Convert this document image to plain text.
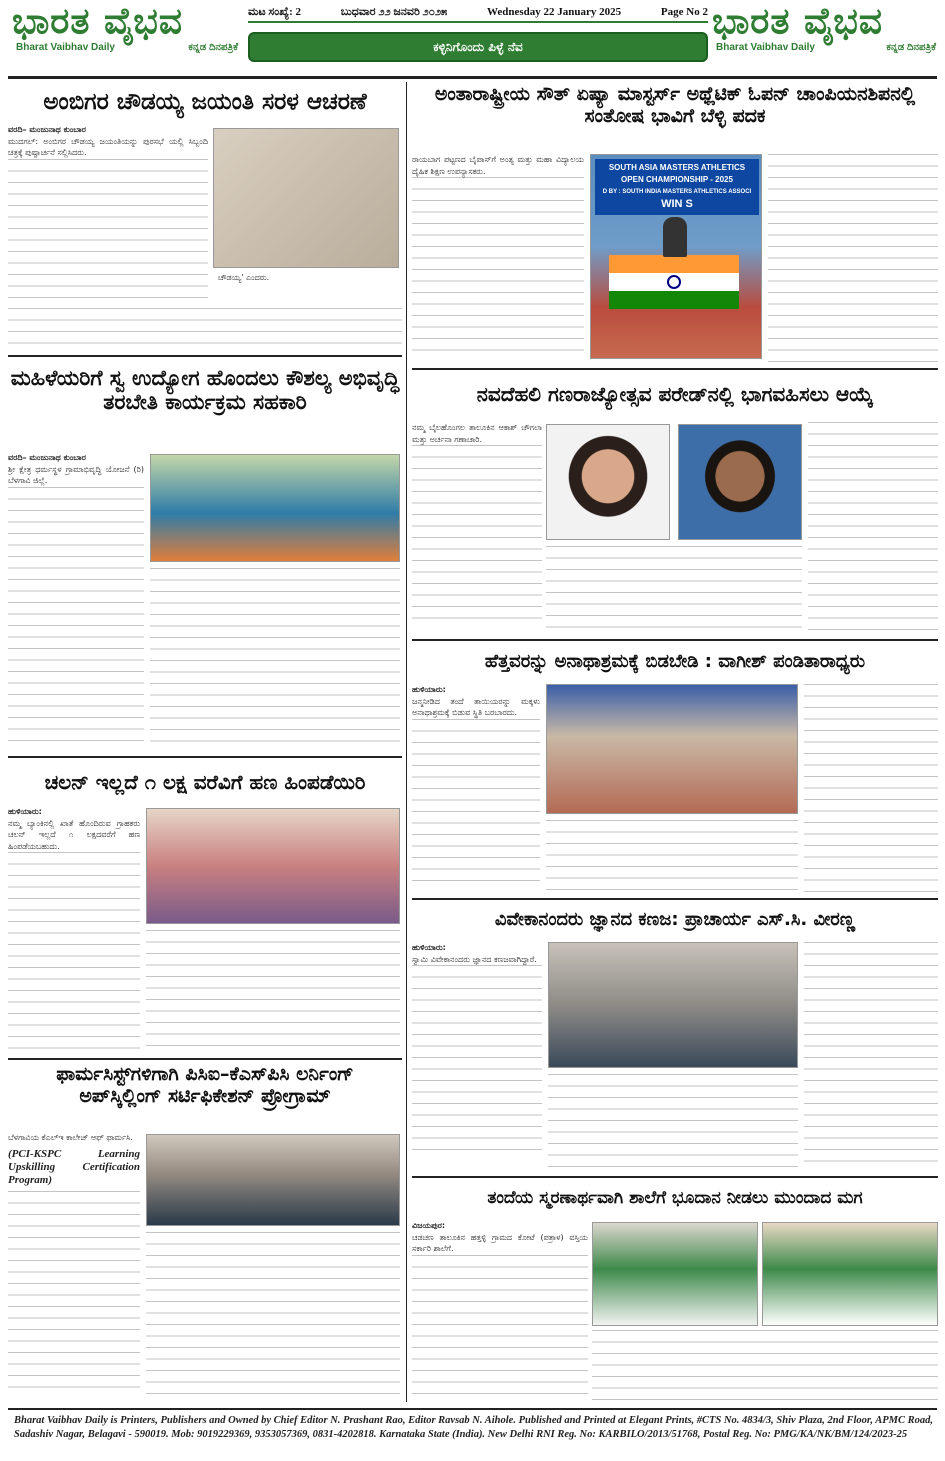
ಭಾರತ ವೈಭವ
Bharat Vaibhav Daily	ಕನ್ನಡ ದಿನಪತ್ರಿಕೆ
ಮಟ ಸಂಖ್ಯೆ: 2	ಬುಧವಾರ ೨೨ ಜನವರಿ ೨೦೨೫	Wednesday 22 January 2025	Page No 2
ಕಳ್ಳಿನಿಗೊಂದು ಪಿಳ್ಳೆ ನೆವ
ಭಾರತ ವೈಭವ
Bharat Vaibhav Daily	ಕನ್ನಡ ದಿನಪತ್ರಿಕೆ
ಅಂಬಿಗರ ಚೌಡಯ್ಯ ಜಯಂತಿ ಸರಳ ಆಚರಣೆ
ವರದಿ– ಮಂಜುನಾಥ ಕುಂಬಾರ
ಮುದಗಲ್: ಅಂಬಿಗರ ಚೌಡಯ್ಯ ಜಯಂತಿಯನ್ನು ಪುರಸಭೆ ಯಲ್ಲಿ ಸಿಬ್ಬಂದಿ ಚಿತ್ರಕ್ಕೆ ಪುಷ್ಪಾರ್ಚನೆ ಸಲ್ಲಿಸಿದರು.
ಚೌಡಯ್ಯ' ಎಂದರು.
ಅಂತಾರಾಷ್ಟ್ರೀಯ ಸೌತ್ ಏಷ್ಯಾ ಮಾಸ್ಟರ್ಸ್ ಅಥ್ಲೆಟಿಕ್ ಓಪನ್ ಚಾಂಪಿಯನಶಿಪನಲ್ಲಿ ಸಂತೋಷ ಭಾವಿಗೆ ಬೆಳ್ಳಿ ಪದಕ
ರಾಯಬಾಗ ಪಟ್ಟಣದ ಬೈಪಾಸ್‌ಗೆ ಅಂತ್ಯ ಮತ್ತು ಮಹಾ ವಿದ್ಯಾಲಯ ದೈಹಿಕ ಶಿಕ್ಷಣ ಉಪನ್ಯಾಸಕರು.	SOUTH ASIA MASTERS ATHLETICS
OPEN CHAMPIONSHIP - 2025
D BY : SOUTH INDIA MASTERS ATHLETICS ASSOCI
WIN S
ಮಹಿಳೆಯರಿಗೆ ಸ್ವ ಉದ್ಯೋಗ ಹೊಂದಲು ಕೌಶಲ್ಯ ಅಭಿವೃದ್ಧಿ ತರಬೇತಿ ಕಾರ್ಯಕ್ರಮ ಸಹಕಾರಿ
ವರದಿ– ಮಂಜುನಾಥ ಕುಂಬಾರ
ಶ್ರೀ ಕ್ಷೇತ್ರ ಧರ್ಮಸ್ಥಳ ಗ್ರಾಮಾಭಿವೃದ್ಧಿ ಯೋಜನೆ (ರಿ) ಬೆಳಗಾವಿ ಜಿಲ್ಲೆ.
ನವದೆಹಲಿ ಗಣರಾಜ್ಯೋತ್ಸವ ಪರೇಡ್‌ನಲ್ಲಿ ಭಾಗವಹಿಸಲು ಆಯ್ಕೆ
ನಮ್ಮ ಬೈಲಹೊಂಗಲ ತಾಲೂಕಿನ ಆಕಾಶ್ ಚೌಗಲಾ ಮತ್ತು ಅರ್ಚನಾ ಗಣಾಚಾರಿ.
ಹೆತ್ತವರನ್ನು ಅನಾಥಾಶ್ರಮಕ್ಕೆ ಬಿಡಬೇಡಿ : ವಾಗೀಶ್ ಪಂಡಿತಾರಾಧ್ಯರು
ಹುಳಿಯಾರು:
ಜನ್ಮನೀಡಿದ ತಂದೆ ತಾಯಿಯರನ್ನು ಮಕ್ಕಳು ಅನಾಥಾಶ್ರಮಕ್ಕೆ ಬಿಡುವ ಸ್ಥಿತಿ ಬರಬಾರದು.
ಚಲನ್ ಇಲ್ಲದೆ ೧ ಲಕ್ಷ ವರೆವಿಗೆ ಹಣ ಹಿಂಪಡೆಯಿರಿ
ಹುಳಿಯಾರು:
ನಮ್ಮ ಬ್ಯಾಂಕಿನಲ್ಲಿ ಖಾತೆ ಹೊಂದಿರುವ ಗ್ರಾಹಕರು ಚಲನ್ ಇಲ್ಲದೆ ೧ ಲಕ್ಷದವರೆಗೆ ಹಣ ಹಿಂಪಡೆಯಬಹುದು.
ವಿವೇಕಾನಂದರು ಜ್ಞಾನದ ಕಣಜ: ಪ್ರಾಚಾರ್ಯ ಎಸ್.ಸಿ. ವೀರಣ್ಣ
ಹುಳಿಯಾರು:
ಸ್ವಾಮಿ ವಿವೇಕಾನಂದರು ಜ್ಞಾನದ ಕಣಜವಾಗಿದ್ದಾರೆ.
ಫಾರ್ಮಸಿಸ್ಟ್‌ಗಳಿಗಾಗಿ ಪಿಸಿಐ–ಕೆಎಸ್‌ಪಿಸಿ ಲರ್ನಿಂಗ್ ಅಪ್‌ಸ್ಕಿಲ್ಲಿಂಗ್ ಸರ್ಟಿಫಿಕೇಶನ್ ಪ್ರೋಗ್ರಾಮ್
ಬೆಳಗಾವಿಯ ಕೆಎಲ್‌ಇ ಕಾಲೇಜ್ ಆಫ್ ಫಾರ್ಮಸಿ.
(PCI-KSPC Learning Upskilling Certification Program)
ತಂದೆಯ ಸ್ಮರಣಾರ್ಥವಾಗಿ ಶಾಲೆಗೆ ಭೂದಾನ ನೀಡಲು ಮುಂದಾದ ಮಗ
ವಿಜಯಪುರ:
ಚಡಚಣ ತಾಲೂಕಿನ ಹತ್ತಳ್ಳಿ ಗ್ರಾಮದ ಕೋಟೆ (ಪತ್ರಾಳ) ವಸ್ತಿಯ ಸರ್ಕಾರಿ ಶಾಲೆಗೆ.
Bharat Vaibhav Daily is Printers, Publishers and Owned by Chief Editor N. Prashant Rao, Editor Ravsab N. Aihole. Published and Printed at Elegant Prints, #CTS No. 4834/3, Shiv Plaza, 2nd Floor, APMC Road,
Sadashiv Nagar, Belagavi - 590019. Mob: 9019229369, 9353057369, 0831-4202818. Karnataka State (India). New Delhi RNI Reg. No: KARBILO/2013/51768, Postal Reg. No: PMG/KA/NK/BM/124/2023-25
